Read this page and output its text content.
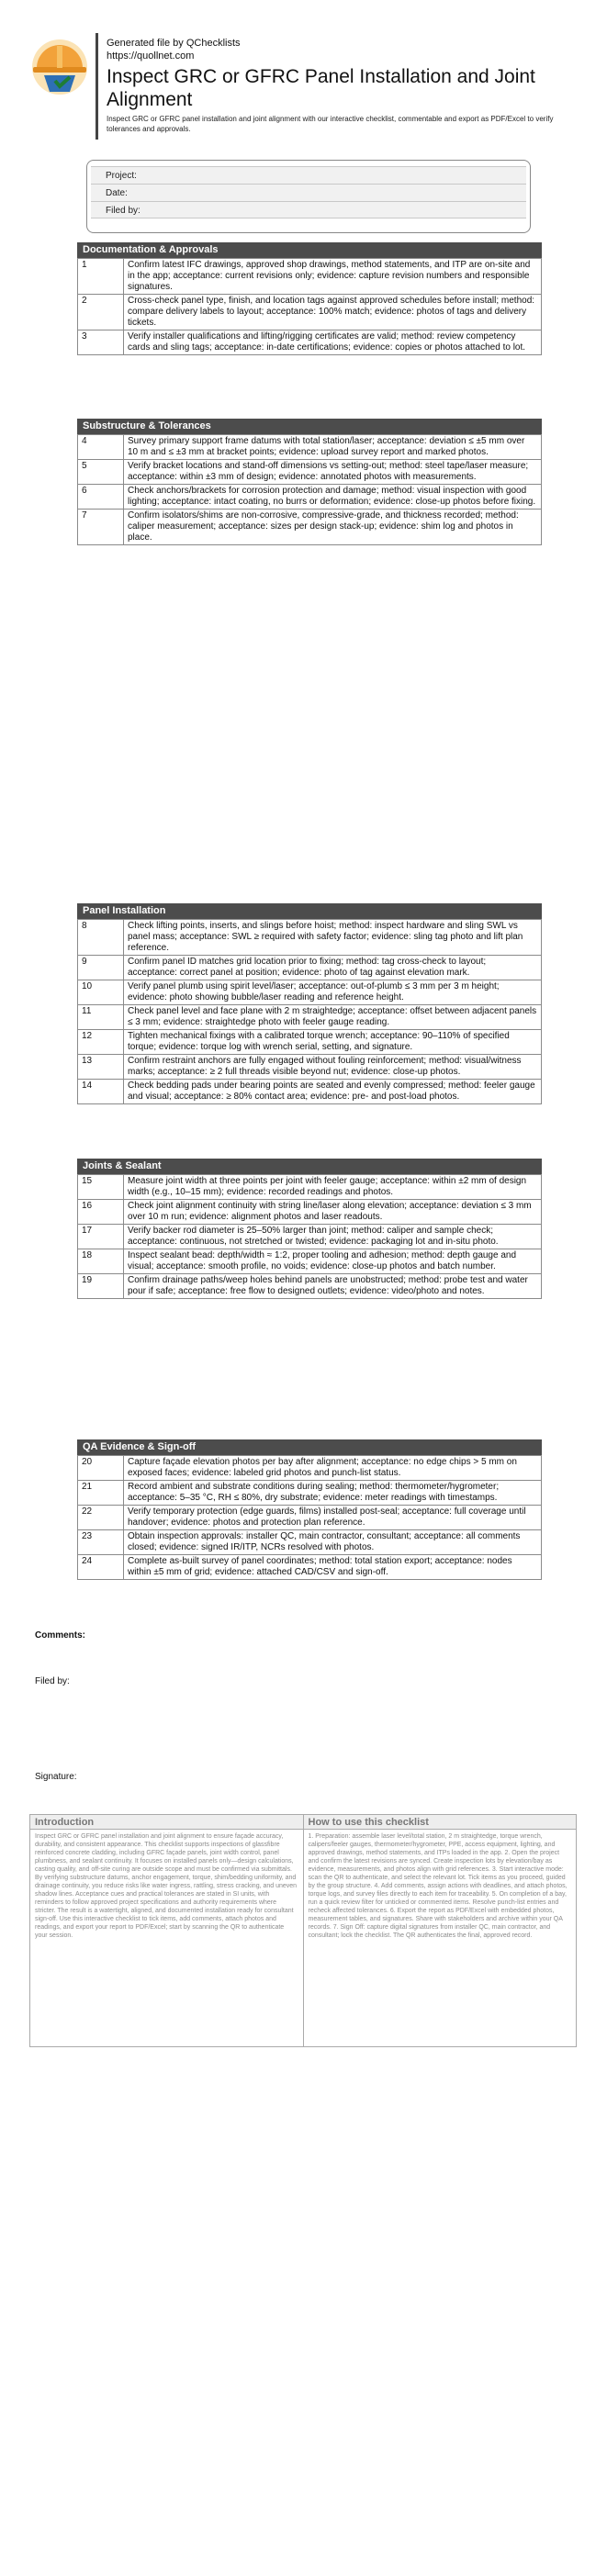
Generated file by QChecklists
https://quollnet.com
Inspect GRC or GFRC Panel Installation and Joint Alignment
Inspect GRC or GFRC panel installation and joint alignment with our interactive checklist, commentable and export as PDF/Excel to verify tolerances and approvals.
Project:
Date:
Filed by:
Documentation & Approvals
1	Confirm latest IFC drawings, approved shop drawings, method statements, and ITP are on-site and in the app; acceptance: current revisions only; evidence: capture revision numbers and responsible signatures.
2	Cross-check panel type, finish, and location tags against approved schedules before install; method: compare delivery labels to layout; acceptance: 100% match; evidence: photos of tags and delivery tickets.
3	Verify installer qualifications and lifting/rigging certificates are valid; method: review competency cards and sling tags; acceptance: in-date certifications; evidence: copies or photos attached to lot.
Substructure & Tolerances
4	Survey primary support frame datums with total station/laser; acceptance: deviation ≤ ±5 mm over 10 m and ≤ ±3 mm at bracket points; evidence: upload survey report and marked photos.
5	Verify bracket locations and stand-off dimensions vs setting-out; method: steel tape/laser measure; acceptance: within ±3 mm of design; evidence: annotated photos with measurements.
6	Check anchors/brackets for corrosion protection and damage; method: visual inspection with good lighting; acceptance: intact coating, no burrs or deformation; evidence: close-up photos before fixing.
7	Confirm isolators/shims are non-corrosive, compressive-grade, and thickness recorded; method: caliper measurement; acceptance: sizes per design stack-up; evidence: shim log and photos in place.
Panel Installation
8	Check lifting points, inserts, and slings before hoist; method: inspect hardware and sling SWL vs panel mass; acceptance: SWL ≥ required with safety factor; evidence: sling tag photo and lift plan reference.
9	Confirm panel ID matches grid location prior to fixing; method: tag cross-check to layout; acceptance: correct panel at position; evidence: photo of tag against elevation mark.
10	Verify panel plumb using spirit level/laser; acceptance: out-of-plumb ≤ 3 mm per 3 m height; evidence: photo showing bubble/laser reading and reference height.
11	Check panel level and face plane with 2 m straightedge; acceptance: offset between adjacent panels ≤ 3 mm; evidence: straightedge photo with feeler gauge reading.
12	Tighten mechanical fixings with a calibrated torque wrench; acceptance: 90–110% of specified torque; evidence: torque log with wrench serial, setting, and signature.
13	Confirm restraint anchors are fully engaged without fouling reinforcement; method: visual/witness marks; acceptance: ≥ 2 full threads visible beyond nut; evidence: close-up photos.
14	Check bedding pads under bearing points are seated and evenly compressed; method: feeler gauge and visual; acceptance: ≥ 80% contact area; evidence: pre- and post-load photos.
Joints & Sealant
15	Measure joint width at three points per joint with feeler gauge; acceptance: within ±2 mm of design width (e.g., 10–15 mm); evidence: recorded readings and photos.
16	Check joint alignment continuity with string line/laser along elevation; acceptance: deviation ≤ 3 mm over 10 m run; evidence: alignment photos and laser readouts.
17	Verify backer rod diameter is 25–50% larger than joint; method: caliper and sample check; acceptance: continuous, not stretched or twisted; evidence: packaging lot and in-situ photo.
18	Inspect sealant bead: depth/width ≈ 1:2, proper tooling and adhesion; method: depth gauge and visual; acceptance: smooth profile, no voids; evidence: close-up photos and batch number.
19	Confirm drainage paths/weep holes behind panels are unobstructed; method: probe test and water pour if safe; acceptance: free flow to designed outlets; evidence: video/photo and notes.
QA Evidence & Sign-off
20	Capture façade elevation photos per bay after alignment; acceptance: no edge chips > 5 mm on exposed faces; evidence: labeled grid photos and punch-list status.
21	Record ambient and substrate conditions during sealing; method: thermometer/hygrometer; acceptance: 5–35 °C, RH ≤ 80%, dry substrate; evidence: meter readings with timestamps.
22	Verify temporary protection (edge guards, films) installed post-seal; acceptance: full coverage until handover; evidence: photos and protection plan reference.
23	Obtain inspection approvals: installer QC, main contractor, consultant; acceptance: all comments closed; evidence: signed IR/ITP, NCRs resolved with photos.
24	Complete as-built survey of panel coordinates; method: total station export; acceptance: nodes within ±5 mm of grid; evidence: attached CAD/CSV and sign-off.
Comments:
Filed by:
Signature:
Introduction
Inspect GRC or GFRC panel installation and joint alignment to ensure façade accuracy, durability, and consistent appearance. This checklist supports inspections of glassfibre reinforced concrete cladding, including GFRC façade panels, joint width control, panel plumbness, and sealant continuity. It focuses on installed panels only—design calculations, casting quality, and off-site curing are outside scope and must be confirmed via submittals. By verifying substructure datums, anchor engagement, torque, shim/bedding uniformity, and drainage continuity, you reduce risks like water ingress, rattling, stress cracking, and uneven shadow lines. Acceptance cues and practical tolerances are stated in SI units, with reminders to follow approved project specifications and authority requirements where stricter. The result is a watertight, aligned, and documented installation ready for consultant sign-off. Use this interactive checklist to tick items, add comments, attach photos and readings, and export your report to PDF/Excel; start by scanning the QR to authenticate your session.
How to use this checklist
1. Preparation: assemble laser level/total station, 2 m straightedge, torque wrench, calipers/feeler gauges, thermometer/hygrometer, PPE, access equipment, lighting, and approved drawings, method statements, and ITPs loaded in the app. 2. Open the project and confirm the latest revisions are synced. Create inspection lots by elevation/bay as evidence, measurements, and photos align with grid references. 3. Start interactive mode: scan the QR to authenticate, and select the relevant lot. Tick items as you proceed, guided by the group structure. 4. Add comments, assign actions with deadlines, and attach photos, torque logs, and survey files directly to each item for traceability. 5. On completion of a bay, run a quick review filter for unticked or commented items. Resolve punch-list entries and recheck affected tolerances. 6. Export the report as PDF/Excel with embedded photos, measurement tables, and signatures. Share with stakeholders and archive within your QA records. 7. Sign Off: capture digital signatures from installer QC, main contractor, and consultant; lock the checklist. The QR authenticates the final, approved record.
